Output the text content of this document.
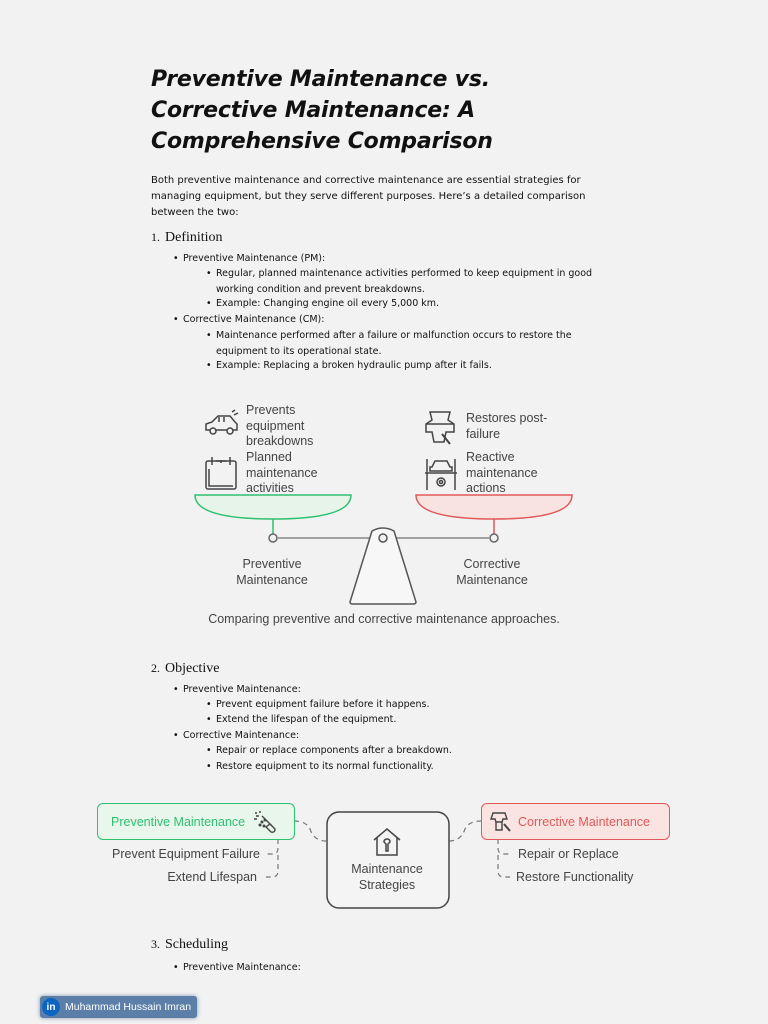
Preventive Maintenance vs. Corrective Maintenance: A Comprehensive Comparison

Both preventive maintenance and corrective maintenance are essential strategies for managing equipment, but they serve different purposes. Here’s a detailed comparison between the two:

1. Definition
• Preventive Maintenance (PM):
• Regular, planned maintenance activities performed to keep equipment in good working condition and prevent breakdowns.
• Example: Changing engine oil every 5,000 km.
• Corrective Maintenance (CM):
• Maintenance performed after a failure or malfunction occurs to restore the equipment to its operational state.
• Example: Replacing a broken hydraulic pump after it fails.
Prevents equipment breakdowns
Planned maintenance activities
Restores post-failure
Reactive maintenance actions
Preventive Maintenance
Corrective Maintenance
Comparing preventive and corrective maintenance approaches.
2. Objective
• Preventive Maintenance:
• Prevent equipment failure before it happens.
• Extend the lifespan of the equipment.
• Corrective Maintenance:
• Repair or replace components after a breakdown.
• Restore equipment to its normal functionality.
Preventive Maintenance	Corrective Maintenance
Maintenance Strategies
Prevent Equipment Failure
Extend Lifespan
Repair or Replace
Restore Functionality
3. Scheduling
• Preventive Maintenance:
in Muhammad Hussain Imran
